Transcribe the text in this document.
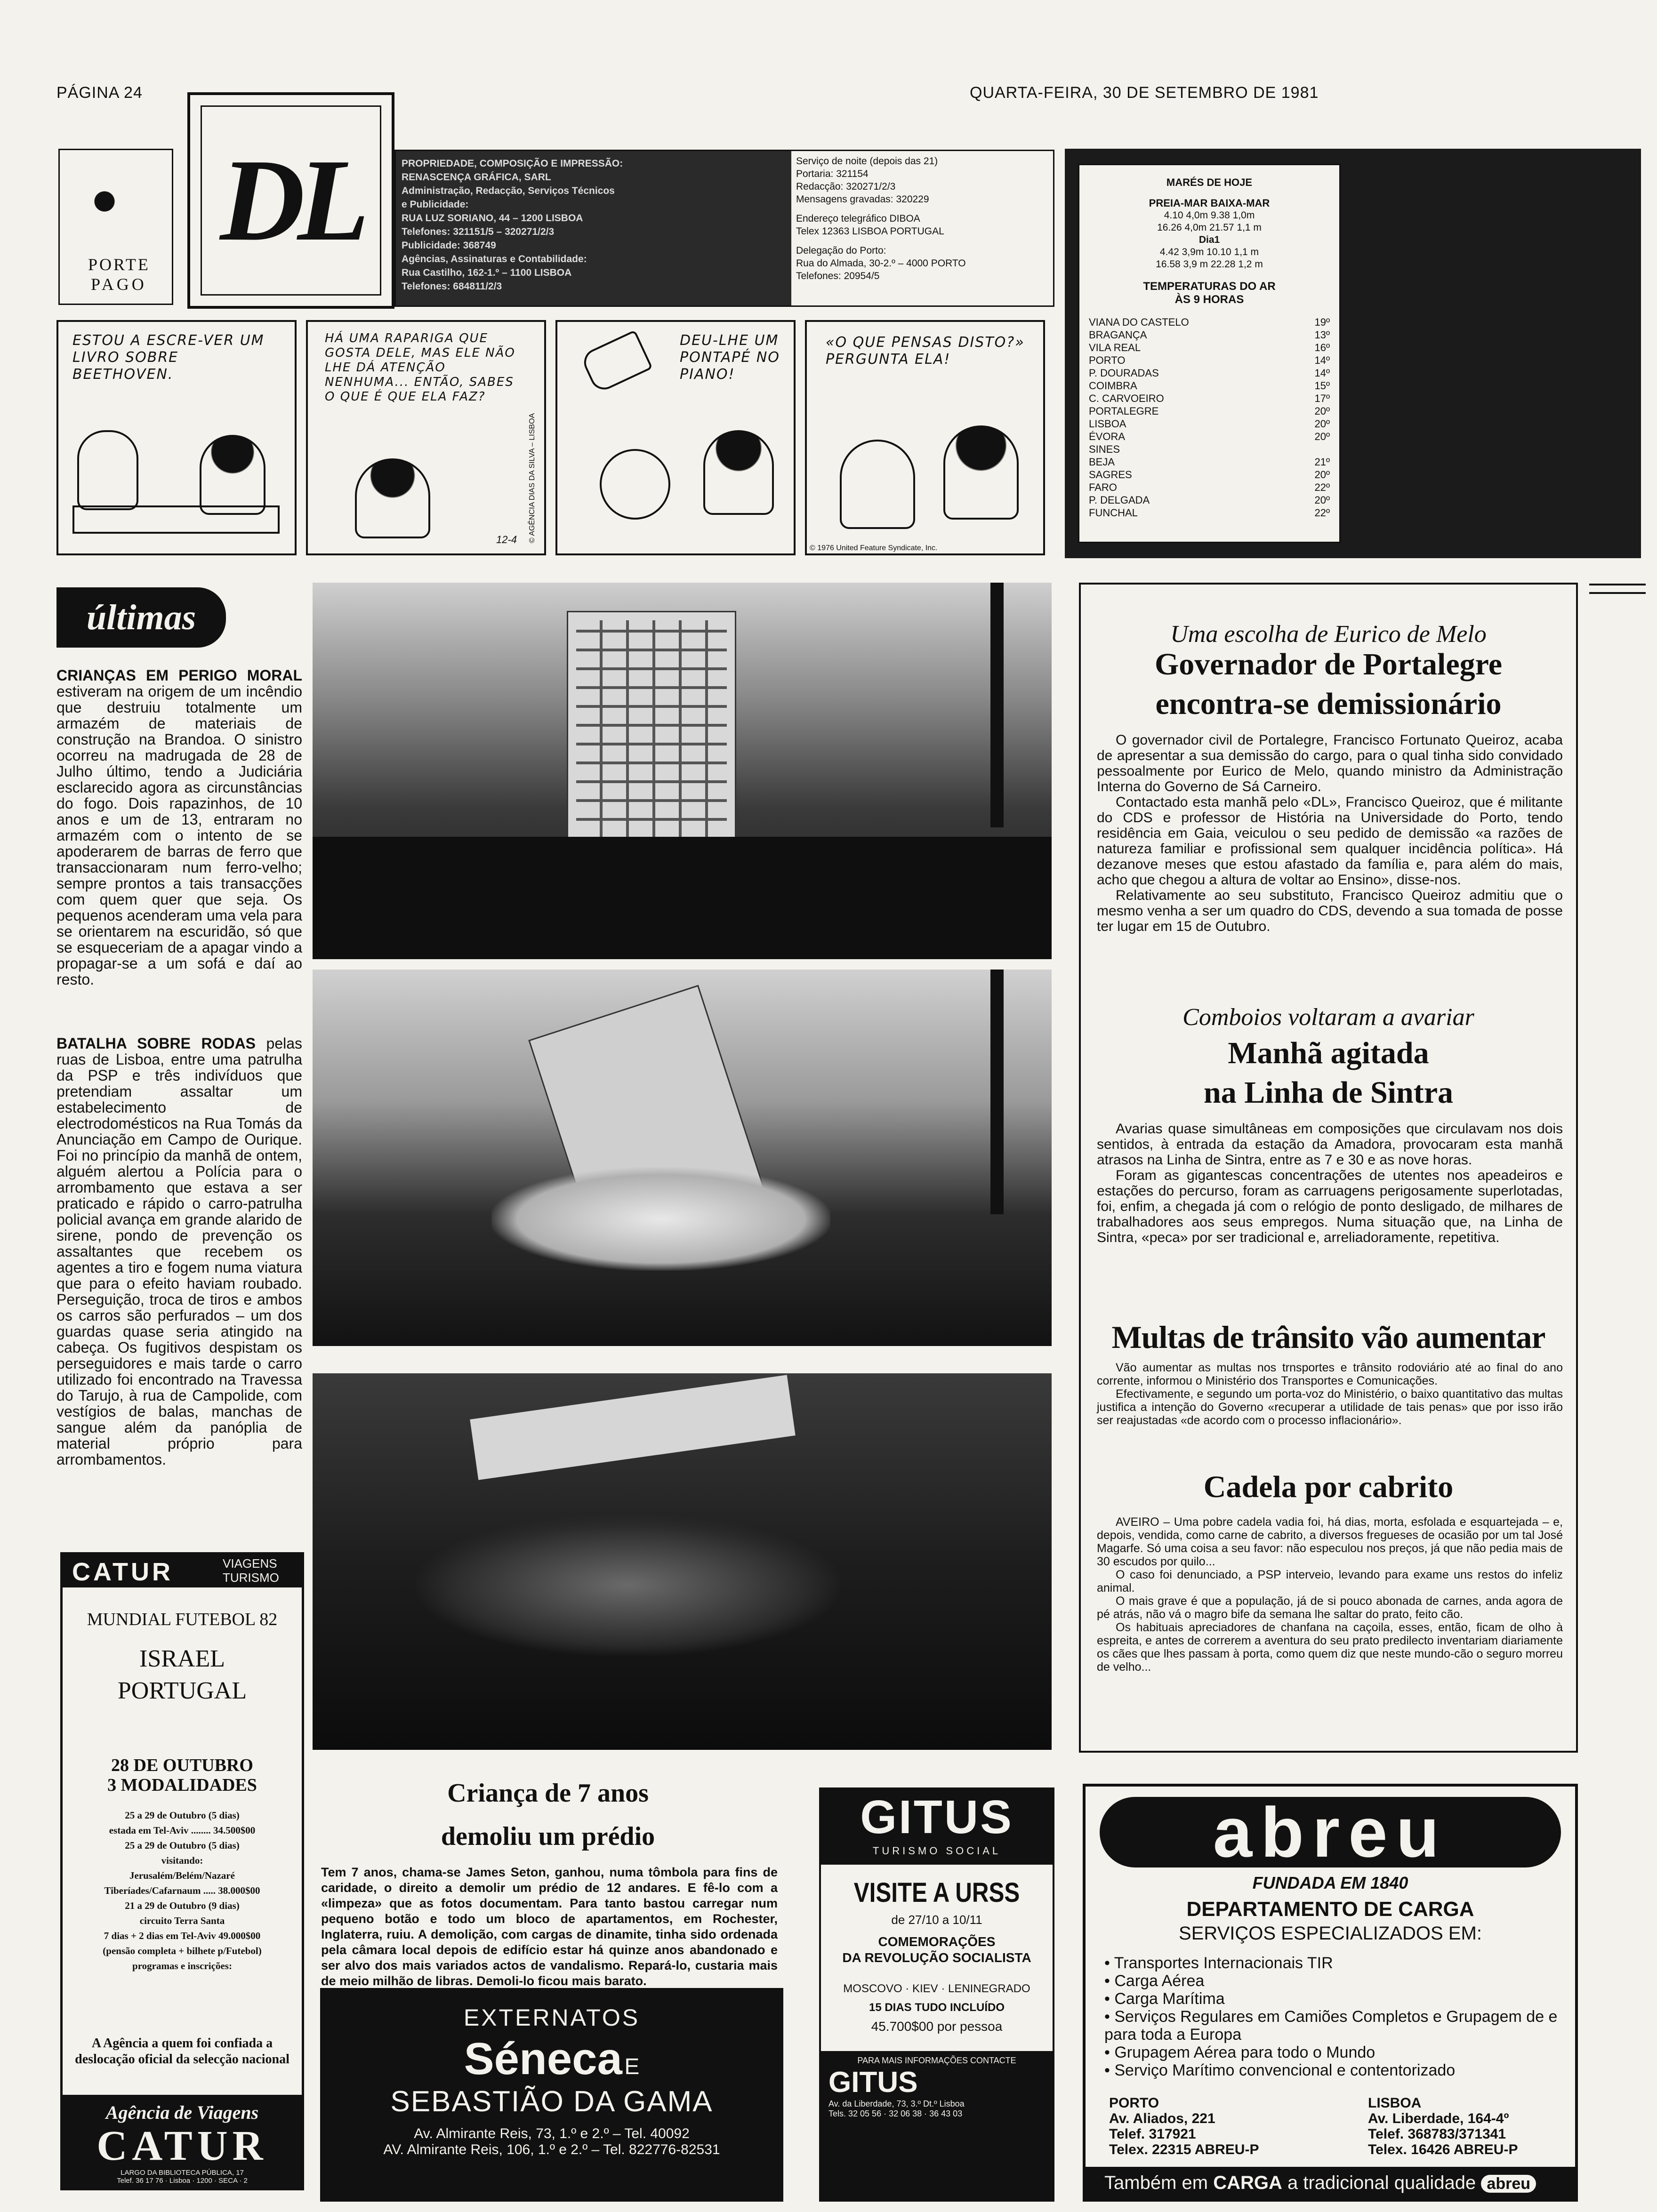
PÁGINA 24	QUARTA-FEIRA, 30 DE SETEMBRO DE 1981
PORTE
PAGO
DL	PROPRIEDADE, COMPOSIÇÃO E IMPRESSÃO:
RENASCENÇA GRÁFICA, SARL
Administração, Redacção, Serviços Técnicos
e Publicidade:
RUA LUZ SORIANO, 44 – 1200 LISBOA
Telefones: 321151/5 – 320271/2/3
Publicidade: 368749
Agências, Assinaturas e Contabilidade:
Rua Castilho, 162-1.º – 1100 LISBOA
Telefones: 684811/2/3
Serviço de noite (depois das 21)
Portaria: 321154
Redacção: 320271/2/3
Mensagens gravadas: 320229
Endereço telegráfico DIBOA
Telex 12363 LISBOA PORTUGAL
Delegação do Porto:
Rua do Almada, 30-2.º – 4000 PORTO
Telefones: 20954/5
MARÉS DE HOJE
PREIA-MAR BAIXA-MAR
4.10 4,0m 9.38 1,0m
16.26 4,0m 21.57 1,1 m
Dia1
4.42 3,9m 10.10 1,1 m
16.58 3,9 m 22.28 1,2 m
TEMPERATURAS DO AR
ÀS 9 HORAS
VIANA DO CASTELO	19º
BRAGANÇA	13º
VILA REAL	16º
PORTO	14º
P. DOURADAS	14º
COIMBRA	15º
C. CARVOEIRO	17º
PORTALEGRE	20º
LISBOA	20º
ÉVORA	20º
SINES
BEJA	21º
SAGRES	20º
FARO	22º
P. DELGADA	20º
FUNCHAL	22º
ESTOU A ESCRE-VER UM LIVRO SOBRE BEETHOVEN.
HÁ UMA RAPARIGA QUE GOSTA DELE, MAS ELE NÃO LHE DÁ ATENÇÃO NENHUMA... ENTÃO, SABES O QUE É QUE ELA FAZ?
12-4 © AGÊNCIA DIAS DA SILVA – LISBOA
DEU-LHE UM PONTAPÉ NO PIANO!
«O QUE PENSAS DISTO?» PERGUNTA ELA!
© 1976 United Feature Syndicate, Inc.
últimas
CRIANÇAS EM PERIGO MORAL estiveram na origem de um incêndio que destruiu totalmente um armazém de materiais de construção na Brandoa. O sinistro ocorreu na madrugada de 28 de Julho último, tendo a Judiciária esclarecido agora as circunstâncias do fogo. Dois rapazinhos, de 10 anos e um de 13, entraram no armazém com o intento de se apoderarem de barras de ferro que transaccionaram num ferro-velho; sempre prontos a tais transacções com quem quer que seja. Os pequenos acenderam uma vela para se orientarem na escuridão, só que se esqueceriam de a apagar vindo a propagar-se a um sofá e daí ao resto.
BATALHA SOBRE RODAS pelas ruas de Lisboa, entre uma patrulha da PSP e três indivíduos que pretendiam assaltar um estabelecimento de electrodomésticos na Rua Tomás da Anunciação em Campo de Ourique. Foi no princípio da manhã de ontem, alguém alertou a Polícia para o arrombamento que estava a ser praticado e rápido o carro-patrulha policial avança em grande alarido de sirene, pondo de prevenção os assaltantes que recebem os agentes a tiro e fogem numa viatura que para o efeito haviam roubado. Perseguição, troca de tiros e ambos os carros são perfurados – um dos guardas quase seria atingido na cabeça. Os fugitivos despistam os perseguidores e mais tarde o carro utilizado foi encontrado na Travessa do Tarujo, à rua de Campolide, com vestígios de balas, manchas de sangue além da panóplia de material próprio para arrombamentos.
CATUR	VIAGENS
TURISMO
MUNDIAL FUTEBOL 82
ISRAEL
PORTUGAL
28 DE OUTUBRO
3 MODALIDADES
25 a 29 de Outubro (5 dias)
estada em Tel-Aviv ........ 34.500$00
25 a 29 de Outubro (5 dias)
visitando:
Jerusalém/Belém/Nazaré
Tiberíades/Cafarnaum ..... 38.000$00
21 a 29 de Outubro (9 dias)
circuito Terra Santa
7 dias + 2 dias em Tel-Aviv 49.000$00
(pensão completa + bilhete p/Futebol)
programas e inscrições:
A Agência a quem foi confiada a deslocação oficial da selecção nacional
Agência de Viagens
CATUR
LARGO DA BIBLIOTECA PÚBLICA, 17
Telef. 36 17 76 · Lisboa · 1200 · SECA · 2
Criança de 7 anos
demoliu um prédio
Tem 7 anos, chama-se James Seton, ganhou, numa tômbola para fins de caridade, o direito a demolir um prédio de 12 andares. E fê-lo com a «limpeza» que as fotos documentam. Para tanto bastou carregar num pequeno botão e todo um bloco de apartamentos, em Rochester, Inglaterra, ruiu. A demolição, com cargas de dinamite, tinha sido ordenada pela câmara local depois de edifício estar há quinze anos abandonado e ser alvo dos mais variados actos de vandalismo. Repará-lo, custaria mais de meio milhão de libras. Demoli-lo ficou mais barato.
EXTERNATOS
Séneca E
SEBASTIÃO DA GAMA
Av. Almirante Reis, 73, 1.º e 2.º – Tel. 40092
AV. Almirante Reis, 106, 1.º e 2.º – Tel. 822776-82531
GITUS
TURISMO SOCIAL
VISITE A URSS
de 27/10 a 10/11
COMEMORAÇÕES
DA REVOLUÇÃO SOCIALISTA
MOSCOVO · KIEV · LENINEGRADO
15 DIAS TUDO INCLUÍDO
45.700$00 por pessoa
PARA MAIS INFORMAÇÕES CONTACTE
GITUS
Av. da Liberdade, 73, 3.º Dt.º Lisboa
Tels. 32 05 56 · 32 06 38 · 36 43 03
Uma escolha de Eurico de Melo
Governador de Portalegre
encontra-se demissionário

O governador civil de Portalegre, Francisco Fortunato Queiroz, acaba de apresentar a sua demissão do cargo, para o qual tinha sido convidado pessoalmente por Eurico de Melo, quando ministro da Administração Interna do Governo de Sá Carneiro.

Contactado esta manhã pelo «DL», Francisco Queiroz, que é militante do CDS e professor de História na Universidade do Porto, tendo residência em Gaia, veiculou o seu pedido de demissão «a razões de natureza familiar e profissional sem qualquer incidência política». Há dezanove meses que estou afastado da família e, para além do mais, acho que chegou a altura de voltar ao Ensino», disse-nos.

Relativamente ao seu substituto, Francisco Queiroz admitiu que o mesmo venha a ser um quadro do CDS, devendo a sua tomada de posse ter lugar em 15 de Outubro.

Comboios voltaram a avariar
Manhã agitada
na Linha de Sintra

Avarias quase simultâneas em composições que circulavam nos dois sentidos, à entrada da estação da Amadora, provocaram esta manhã atrasos na Linha de Sintra, entre as 7 e 30 e as nove horas.

Foram as gigantescas concentrações de utentes nos apeadeiros e estações do percurso, foram as carruagens perigosamente superlotadas, foi, enfim, a chegada já com o relógio de ponto desligado, de milhares de trabalhadores aos seus empregos. Numa situação que, na Linha de Sintra, «peca» por ser tradicional e, arreliadoramente, repetitiva.

Multas de trânsito vão aumentar

Vão aumentar as multas nos trnsportes e trânsito rodoviário até ao final do ano corrente, informou o Ministério dos Transportes e Comunicações.

Efectivamente, e segundo um porta-voz do Ministério, o baixo quantitativo das multas justifica a intenção do Governo «recuperar a utilidade de tais penas» que por isso irão ser reajustadas «de acordo com o processo inflacionário».

Cadela por cabrito

AVEIRO – Uma pobre cadela vadia foi, há dias, morta, esfolada e esquartejada – e, depois, vendida, como carne de cabrito, a diversos fregueses de ocasião por um tal José Magarfe. Só uma coisa a seu favor: não especulou nos preços, já que não pedia mais de 30 escudos por quilo...

O caso foi denunciado, a PSP interveio, levando para exame uns restos do infeliz animal.

O mais grave é que a população, já de si pouco abonada de carnes, anda agora de pé atrás, não vá o magro bife da semana lhe saltar do prato, feito cão.

Os habituais apreciadores de chanfana na caçoila, esses, então, ficam de olho à espreita, e antes de correrem a aventura do seu prato predilecto inventariam diariamente os cães que lhes passam à porta, como quem diz que neste mundo-cão o seguro morreu de velho...

abreu
FUNDADA EM 1840
DEPARTAMENTO DE CARGA
SERVIÇOS ESPECIALIZADOS EM:
• Transportes Internacionais TIR
• Carga Aérea
• Carga Marítima
• Serviços Regulares em Camiões Completos e Grupagem de e para toda a Europa
• Grupagem Aérea para todo o Mundo
• Serviço Marítimo convencional e contentorizado
PORTO
Av. Aliados, 221
Telef. 317921
Telex. 22315 ABREU-P
LISBOA
Av. Liberdade, 164-4º
Telef. 368783/371341
Telex. 16426 ABREU-P
Também em CARGA a tradicional qualidade abreu
